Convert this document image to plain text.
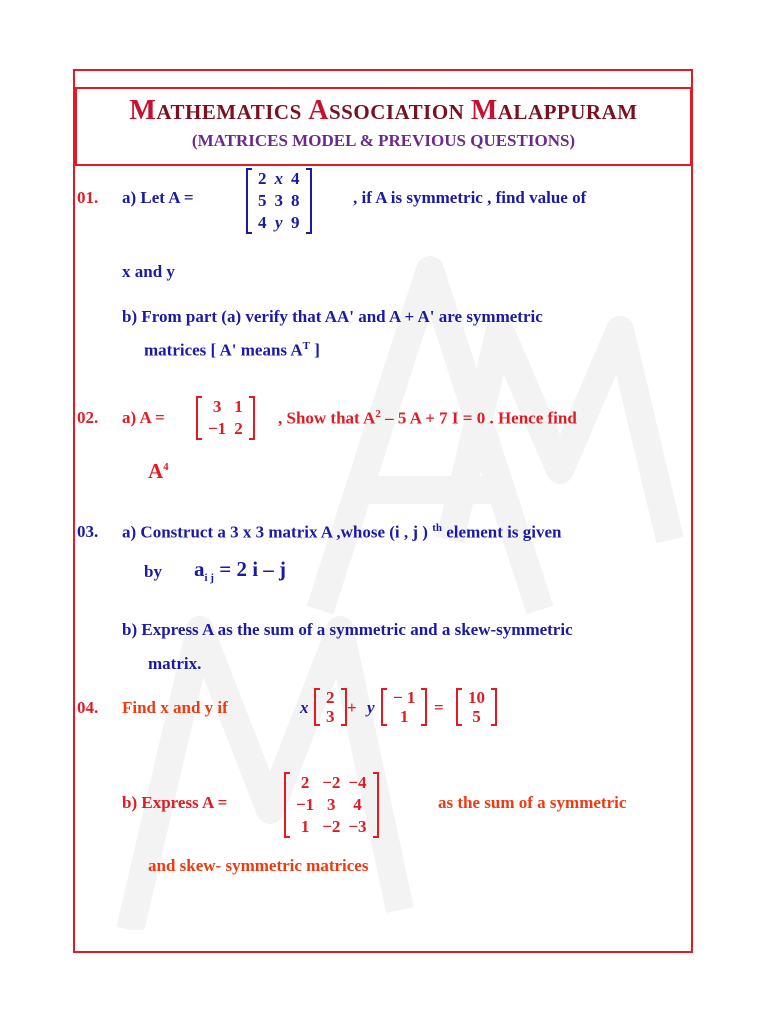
MATHEMATICS ASSOCIATION MALAPPURAM
(MATRICES MODEL & PREVIOUS QUESTIONS)
01. a) Let A =
2	x	4
5	3	8
4	y	9
, if A is symmetric , find value of
x and y
b) From part (a) verify that AA' and A + A' are symmetric
matrices [ A' means $A^T$ ]
02. a) A =
3	1
−1	2
, Show that $A^2 - 5$ A + 7 I = 0 . Hence find
$A^4$
03. a) Construct a 3 x 3 matrix A ,whose (i , j ) $^{th}$ element is given
by $a_{i j} = 2$ i – j
b) Express A as the sum of a symmetric and a skew-symmetric
matrix.
04. Find x and y if	x
2
3 + y
− 1
1 =
10
5
b) Express A =
2	−2	−4
−1	3	4
1	−2	−3
as the sum of a symmetric
and skew- symmetric matrices
